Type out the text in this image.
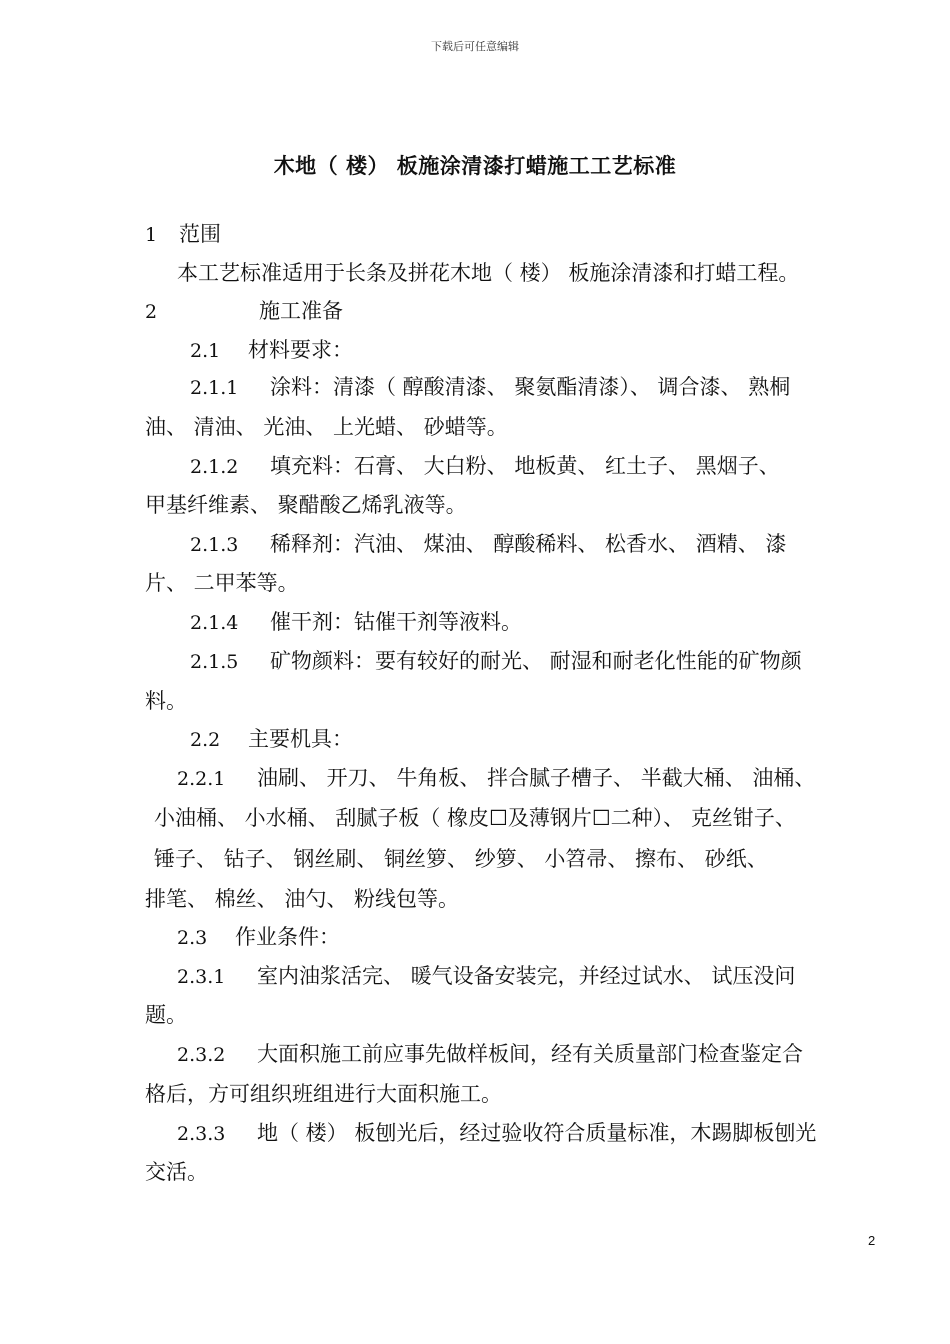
下载后可任意编辑
木地（ 楼） 板施涂清漆打蜡施工工艺标准
1 范围
本工艺标准适用于长条及拼花木地（ 楼） 板施涂清漆和打蜡工程。
2	施工准备
2.1 材料要求：
2.1.1 涂料：清漆（ 醇酸清漆、 聚氨酯清漆）、 调合漆、 熟桐
油、 清油、 光油、 上光蜡、 砂蜡等。
2.1.2 填充料：石膏、 大白粉、 地板黄、 红土子、 黑烟子、
甲基纤维素、 聚醋酸乙烯乳液等。
2.1.3 稀释剂：汽油、 煤油、 醇酸稀料、 松香水、 酒精、 漆
片、 二甲苯等。
2.1.4 催干剂：钴催干剂等液料。
2.1.5 矿物颜料：要有较好的耐光、 耐湿和耐老化性能的矿物颜
料。
2.2 主要机具：
2.2.1 油刷、 开刀、 牛角板、 拌合腻子槽子、 半截大桶、 油桶、
小油桶、 小水桶、 刮腻子板（ 橡皮☐及薄钢片☐二种）、 克丝钳子、
锤子、 钻子、 钢丝刷、 铜丝箩、 纱箩、 小笤帚、 擦布、 砂纸、
排笔、 棉丝、 油勺、 粉线包等。
2.3 作业条件：
2.3.1 室内油浆活完、 暖气设备安装完，并经过试水、 试压没问
题。
2.3.2 大面积施工前应事先做样板间，经有关质量部门检查鉴定合
格后，方可组织班组进行大面积施工。
2.3.3 地（ 楼） 板刨光后，经过验收符合质量标准，木踢脚板刨光
交活。
2
